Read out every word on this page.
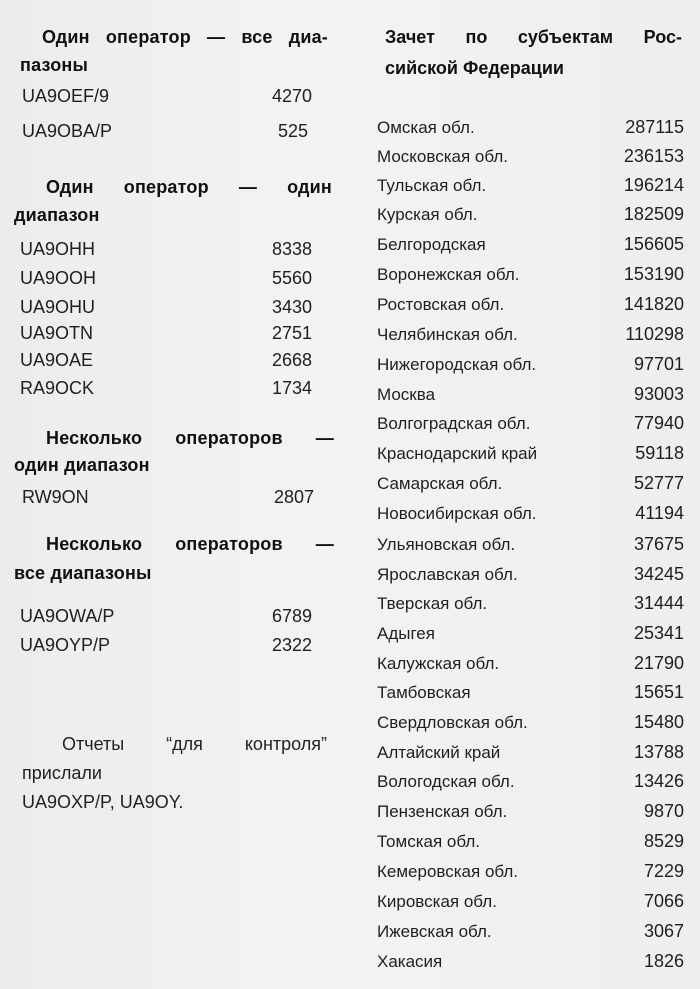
Один оператор — все диа-
пазоны
UA9OEF/9	4270
UA9OBA/P	525
Один оператор — один
диапазон
UA9OHH	8338
UA9OOH	5560
UA9OHU	3430
UA9OTN	2751
UA9OAE	2668
RA9OCK	1734
Несколько операторов —
один диапазон
RW9ON	2807
Несколько операторов —
все диапазоны
UA9OWA/P	6789
UA9OYP/P	2322
Отчеты “для контроля”
прислали
UA9OXP/P, UA9OY.
Зачет по субъектам Рос-
сийской Федерации
Омская обл.	287115
Московская обл.	236153
Тульская обл.	196214
Курская обл.	182509
Белгородская	156605
Воронежская обл.	153190
Ростовская обл.	141820
Челябинская обл.	110298
Нижегородская обл.	97701
Москва	93003
Волгоградская обл.	77940
Краснодарский край	59118
Самарская обл.	52777
Новосибирская обл.	41194
Ульяновская обл.	37675
Ярославская обл.	34245
Тверская обл.	31444
Адыгея	25341
Калужская обл.	21790
Тамбовская	15651
Свердловская обл.	15480
Алтайский край	13788
Вологодская обл.	13426
Пензенская обл.	9870
Томская обл.	8529
Кемеровская обл.	7229
Кировская обл.	7066
Ижевская обл.	3067
Хакасия	1826
